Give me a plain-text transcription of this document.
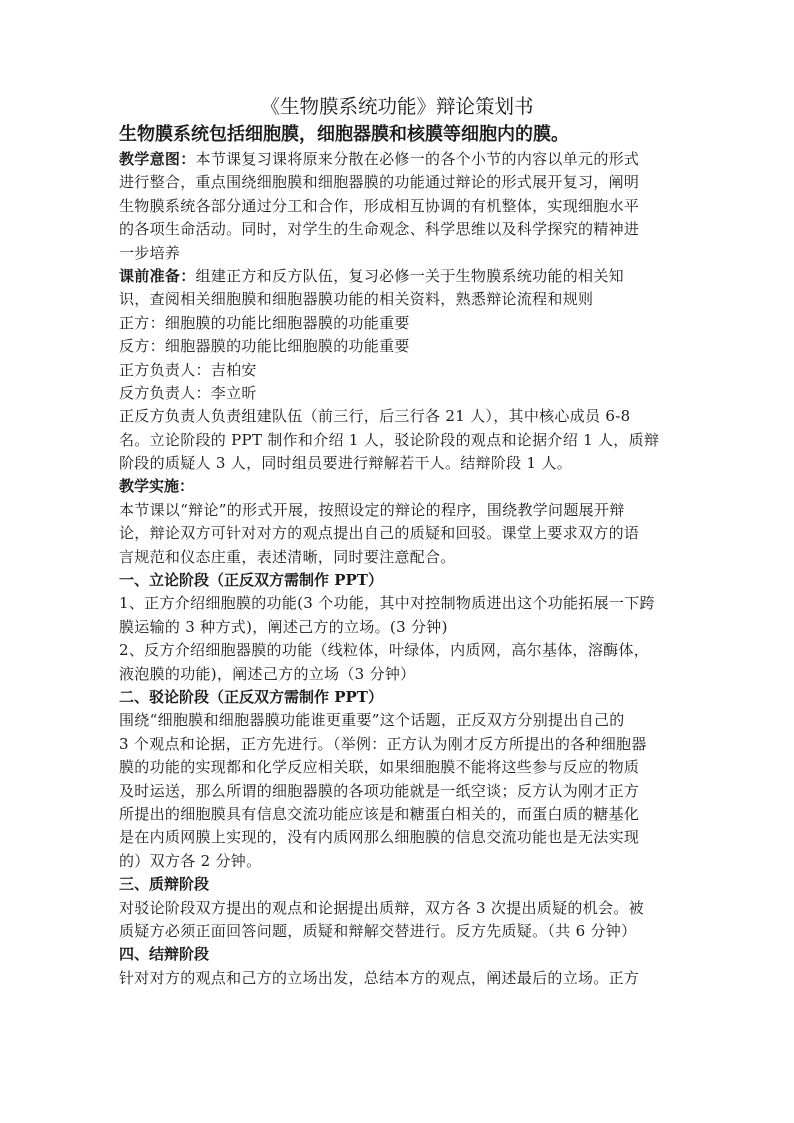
《生物膜系统功能》辩论策划书
生物膜系统包括细胞膜，细胞器膜和核膜等细胞内的膜。
教学意图：本节课复习课将原来分散在必修一的各个小节的内容以单元的形式
进行整合，重点围绕细胞膜和细胞器膜的功能通过辩论的形式展开复习，阐明
生物膜系统各部分通过分工和合作，形成相互协调的有机整体，实现细胞水平
的各项生命活动。同时，对学生的生命观念、科学思维以及科学探究的精神进
一步培养
课前准备：组建正方和反方队伍，复习必修一关于生物膜系统功能的相关知
识，查阅相关细胞膜和细胞器膜功能的相关资料，熟悉辩论流程和规则
正方：细胞膜的功能比细胞器膜的功能重要
反方：细胞器膜的功能比细胞膜的功能重要
正方负责人：吉柏安
反方负责人：李立昕
正反方负责人负责组建队伍（前三行，后三行各 21 人），其中核心成员 6-8
名。立论阶段的 PPT 制作和介绍 1 人，驳论阶段的观点和论据介绍 1 人，质辩
阶段的质疑人 3 人，同时组员要进行辩解若干人。结辩阶段 1 人。
教学实施：
本节课以“辩论”的形式开展，按照设定的辩论的程序，围绕教学问题展开辩
论，辩论双方可针对对方的观点提出自己的质疑和回驳。课堂上要求双方的语
言规范和仪态庄重，表述清晰，同时要注意配合。
一、立论阶段（正反双方需制作 PPT）
1、正方介绍细胞膜的功能(3 个功能，其中对控制物质进出这个功能拓展一下跨
膜运输的 3 种方式)，阐述己方的立场。(3 分钟)
2、反方介绍细胞器膜的功能（线粒体，叶绿体，内质网，高尔基体，溶酶体，
液泡膜的功能)，阐述己方的立场（3 分钟）
二、驳论阶段（正反双方需制作 PPT）
围绕“细胞膜和细胞器膜功能谁更重要”这个话题，正反双方分别提出自己的
3 个观点和论据，正方先进行。（举例：正方认为刚才反方所提出的各种细胞器
膜的功能的实现都和化学反应相关联，如果细胞膜不能将这些参与反应的物质
及时运送，那么所谓的细胞器膜的各项功能就是一纸空谈；反方认为刚才正方
所提出的细胞膜具有信息交流功能应该是和糖蛋白相关的，而蛋白质的糖基化
是在内质网膜上实现的，没有内质网那么细胞膜的信息交流功能也是无法实现
的）双方各 2 分钟。
三、质辩阶段
对驳论阶段双方提出的观点和论据提出质辩，双方各 3 次提出质疑的机会。被
质疑方必须正面回答问题，质疑和辩解交替进行。反方先质疑。（共 6 分钟）
四、结辩阶段
针对对方的观点和己方的立场出发，总结本方的观点，阐述最后的立场。正方
